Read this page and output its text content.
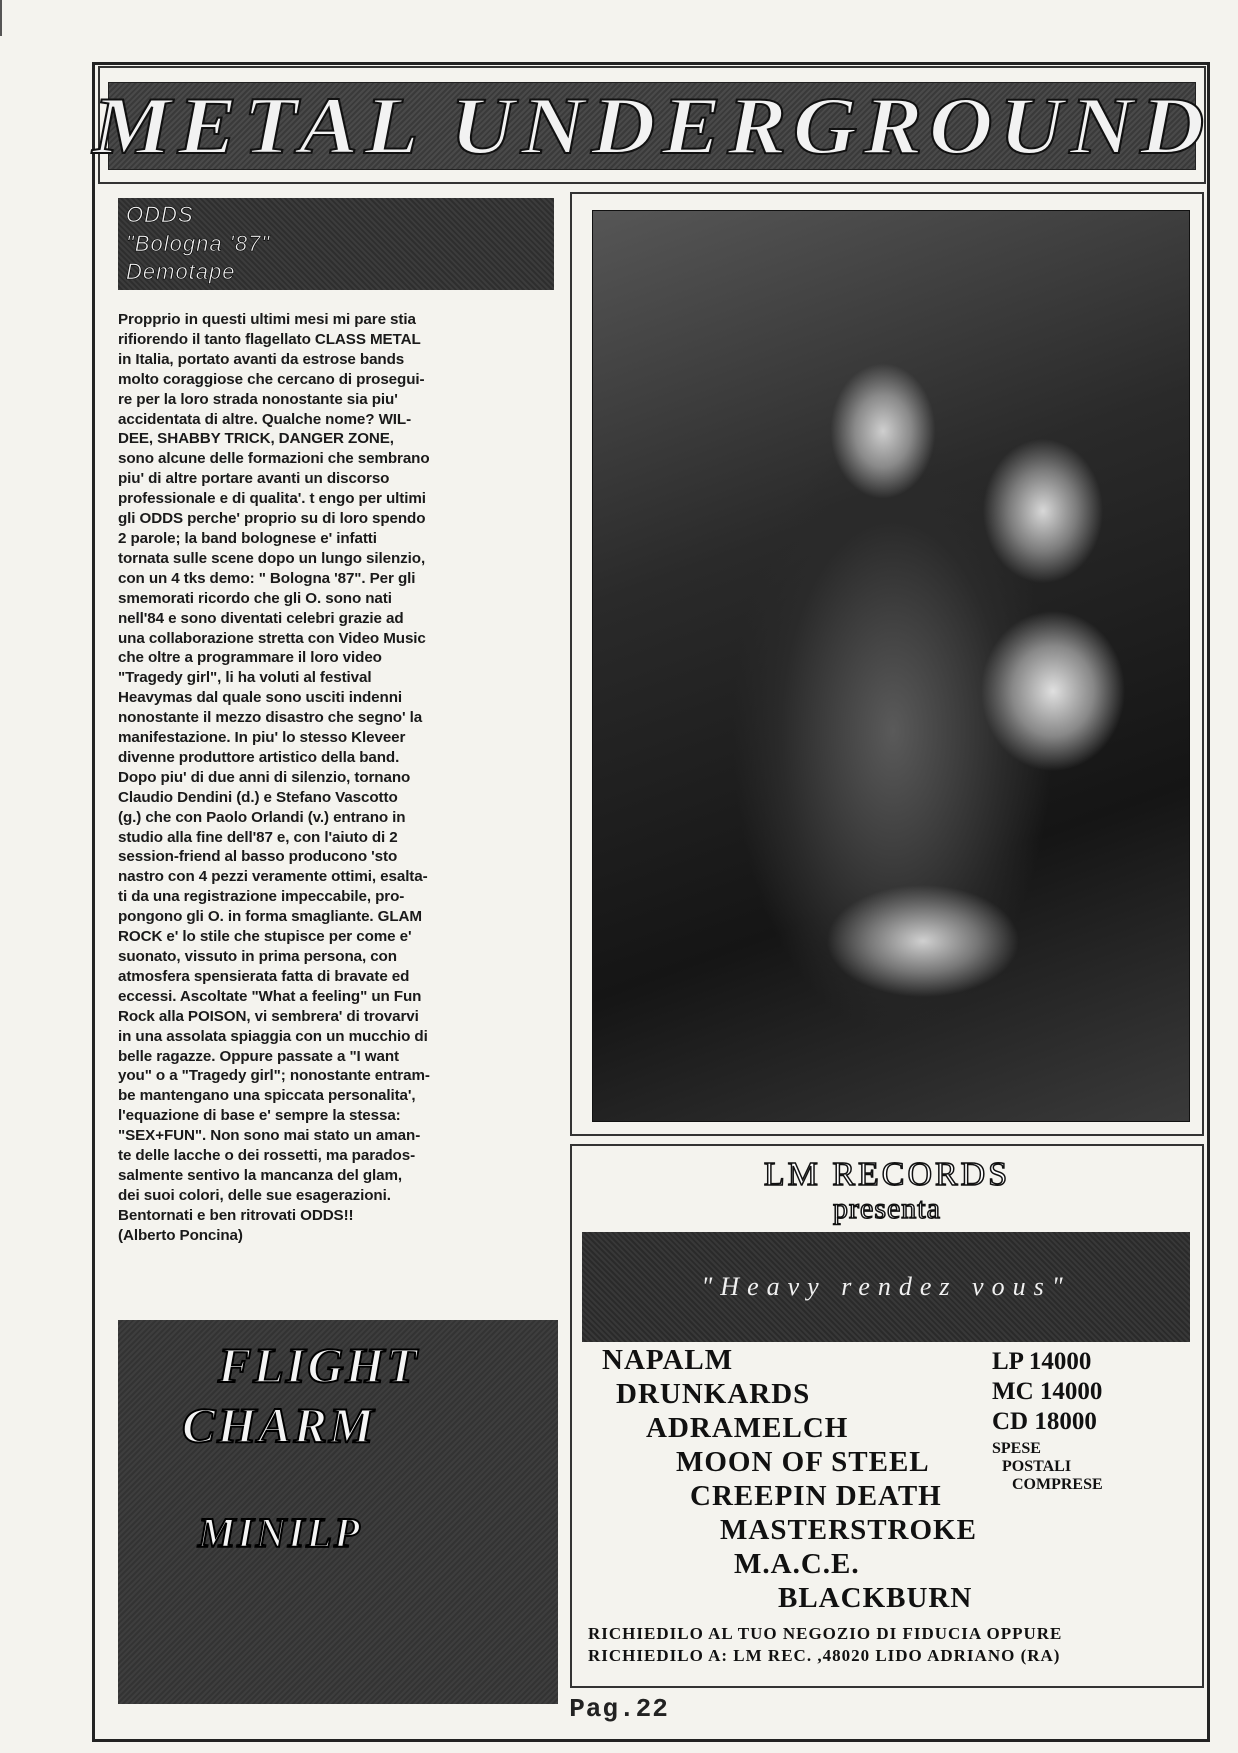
METAL UNDERGROUND
ODDS
"Bologna '87"
Demotape
Propprio in questi ultimi mesi mi pare stia
rifiorendo il tanto flagellato CLASS METAL
in Italia, portato avanti da estrose bands
molto coraggiose che cercano di prosegui-
re per la loro strada nonostante sia piu'
accidentata di altre. Qualche nome? WIL-
DEE, SHABBY TRICK, DANGER ZONE,
sono alcune delle formazioni che sembrano
piu' di altre portare avanti un discorso
professionale e di qualita'. t engo per ultimi
gli ODDS perche' proprio su di loro spendo
2 parole; la band bolognese e' infatti
tornata sulle scene dopo un lungo silenzio,
con un 4 tks demo: " Bologna '87". Per gli
smemorati ricordo che gli O. sono nati
nell'84 e sono diventati celebri grazie ad
una collaborazione stretta con Video Music
che oltre a programmare il loro video
"Tragedy girl", li ha voluti al festival
Heavymas dal quale sono usciti indenni
nonostante il mezzo disastro che segno' la
manifestazione. In piu' lo stesso Kleveer
divenne produttore artistico della band.
Dopo piu' di due anni di silenzio, tornano
Claudio Dendini (d.) e Stefano Vascotto
(g.) che con Paolo Orlandi (v.) entrano in
studio alla fine dell'87 e, con l'aiuto di 2
session-friend al basso producono 'sto
nastro con 4 pezzi veramente ottimi, esalta-
ti da una registrazione impeccabile, pro-
pongono gli O. in forma smagliante. GLAM
ROCK e' lo stile che stupisce per come e'
suonato, vissuto in prima persona, con
atmosfera spensierata fatta di bravate ed
eccessi. Ascoltate "What a feeling" un Fun
Rock alla POISON, vi sembrera' di trovarvi
in una assolata spiaggia con un mucchio di
belle ragazze. Oppure passate a "I want
you" o a "Tragedy girl"; nonostante entram-
be mantengano una spiccata personalita',
l'equazione di base e' sempre la stessa:
"SEX+FUN". Non sono mai stato un aman-
te delle lacche o dei rossetti, ma parados-
salmente sentivo la mancanza del glam,
dei suoi colori, delle sue esagerazioni.
Bentornati e ben ritrovati ODDS!!
(Alberto Poncina)
FLIGHT
CHARM
MINILP
LM RECORDS
presenta
"Heavy rendez vous"
NAPALM
DRUNKARDS
ADRAMELCH
MOON OF STEEL
CREEPIN DEATH
MASTERSTROKE
M.A.C.E.
BLACKBURN
LP 14000
MC 14000
CD 18000
SPESE
POSTALI
COMPRESE
RICHIEDILO AL TUO NEGOZIO DI FIDUCIA OPPURE
RICHIEDILO A: LM REC. ,48020 LIDO ADRIANO (RA)
Pag.22
